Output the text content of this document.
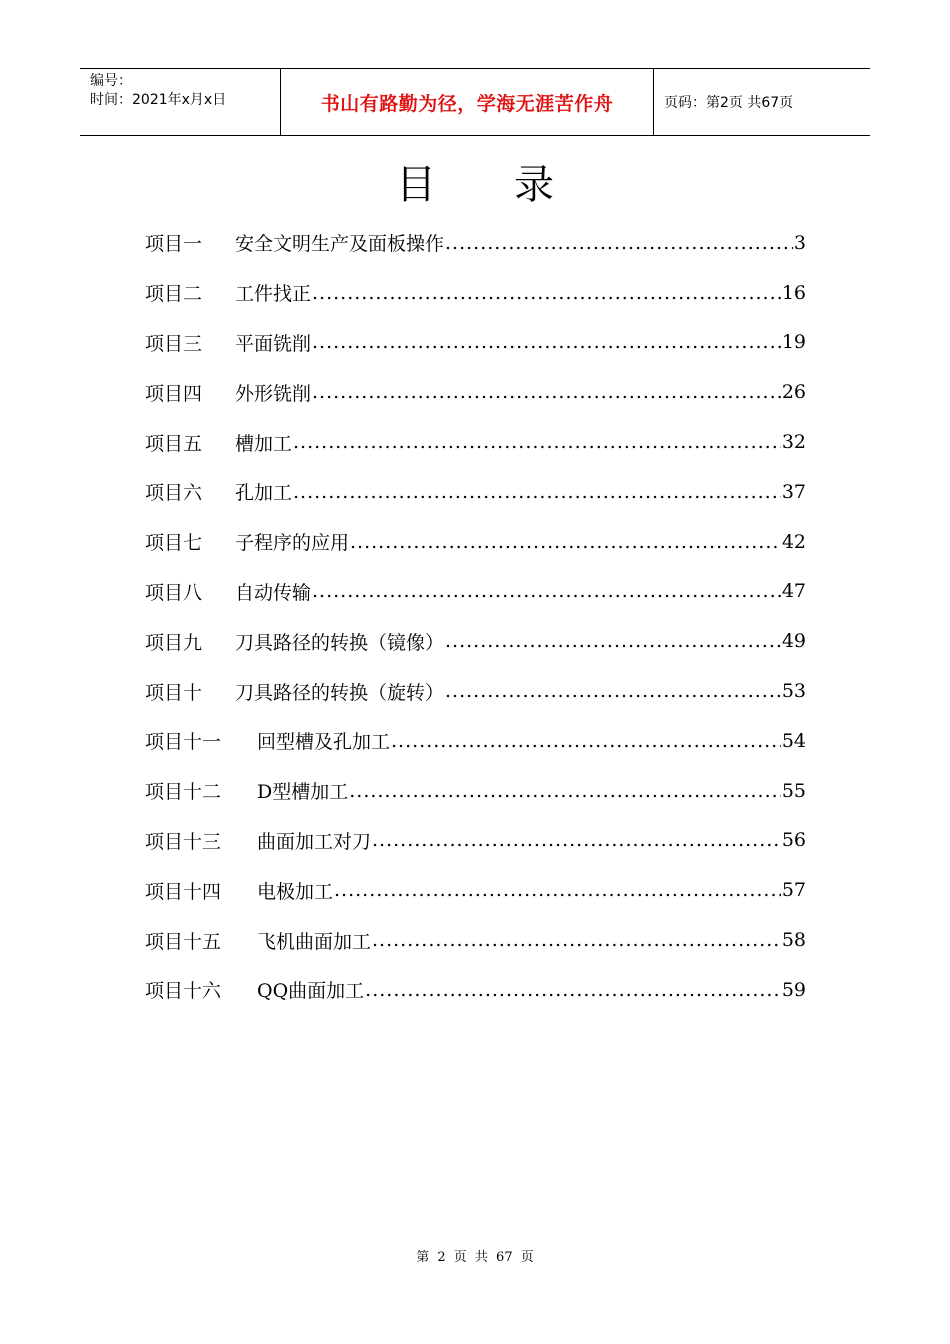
编号：
时间：2021年x月x日	书山有路勤为径，学海无涯苦作舟	页码：第2页 共67页
目录
项目一	安全文明生产及面板操作 .....	3
项目二	工件找正 .....	16
项目三	平面铣削 .....	19
项目四	外形铣削 .....	26
项目五	槽加工 .....	32
项目六	孔加工 .....	37
项目七	子程序的应用 .....	42
项目八	自动传输 .....	47
项目九	刀具路径的转换（镜像） .....	49
项目十	刀具路径的转换（旋转） .....	53
项目十一	回型槽及孔加工 .....	54
项目十二	D型槽加工 .....	55
项目十三	曲面加工对刀 .....	56
项目十四	电极加工 .....	57
项目十五	飞机曲面加工 .....	58
项目十六	QQ曲面加工 .....	59
第 2 页 共 67 页
